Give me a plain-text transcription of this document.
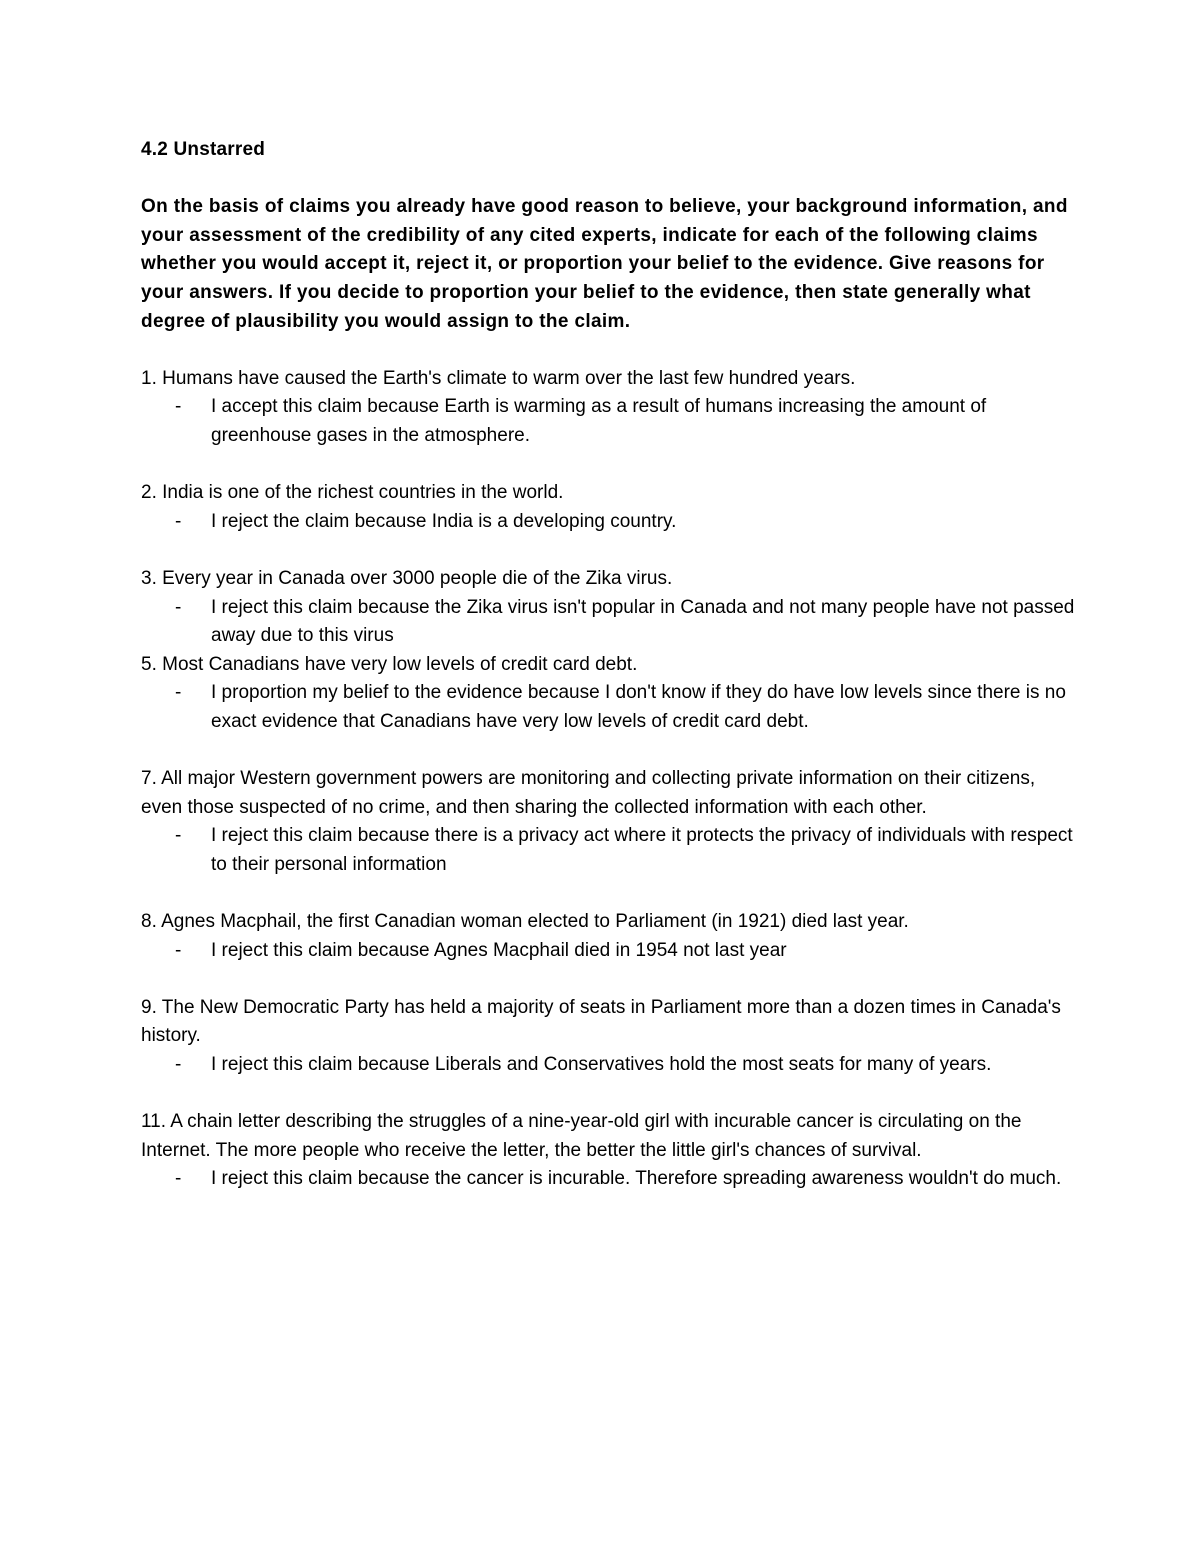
4.2 Unstarred

On the basis of claims you already have good reason to believe, your background information, and your assessment of the credibility of any cited experts, indicate for each of the following claims whether you would accept it, reject it, or proportion your belief to the evidence. Give reasons for your answers. If you decide to proportion your belief to the evidence, then state generally what degree of plausibility you would assign to the claim.

1. Humans have caused the Earth's climate to warm over the last few hundred years.

- I accept this claim because Earth is warming as a result of humans increasing the amount of greenhouse gases in the atmosphere.

2. India is one of the richest countries in the world.

- I reject the claim because India is a developing country.

3. Every year in Canada over 3000 people die of the Zika virus.

- I reject this claim because the Zika virus isn't popular in Canada and not many people have not passed away due to this virus

5. Most Canadians have very low levels of credit card debt.

- I proportion my belief to the evidence because I don't know if they do have low levels since there is no exact evidence that Canadians have very low levels of credit card debt.

7. All major Western government powers are monitoring and collecting private information on their citizens, even those suspected of no crime, and then sharing the collected information with each other.

- I reject this claim because there is a privacy act where it protects the privacy of individuals with respect to their personal information

8. Agnes Macphail, the first Canadian woman elected to Parliament (in 1921) died last year.

- I reject this claim because Agnes Macphail died in 1954 not last year

9. The New Democratic Party has held a majority of seats in Parliament more than a dozen times in Canada's history.

- I reject this claim because Liberals and Conservatives hold the most seats for many of years.

11. A chain letter describing the struggles of a nine-year-old girl with incurable cancer is circulating on the Internet. The more people who receive the letter, the better the little girl's chances of survival.

- I reject this claim because the cancer is incurable. Therefore spreading awareness wouldn't do much.
